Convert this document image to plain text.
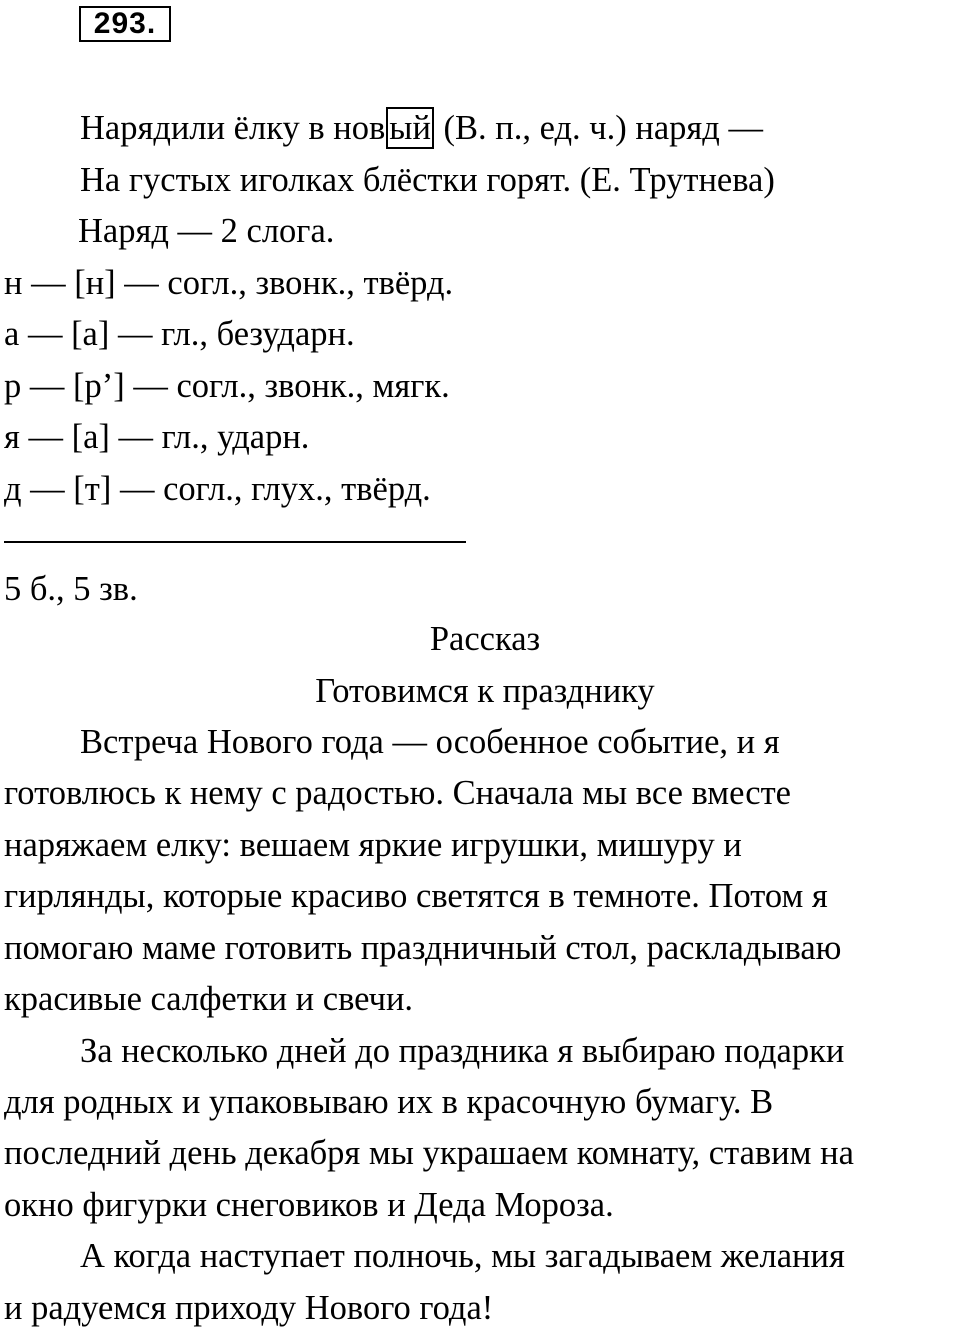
293.
Нарядили ёлку в нов ый (В. п., ед. ч.) наряд —
На густых иголках блёстки горят. (Е. Трутнева)
Наряд — 2 слога.
н — [н] — согл., звонк., твёрд.
а — [а] — гл., безударн.
р — [р’] — согл., звонк., мягк.
я — [а] — гл., ударн.
д — [т] — согл., глух., твёрд.
5 б., 5 зв.
Рассказ
Готовимся к празднику
Встреча Нового года — особенное событие, и я
готовлюсь к нему с радостью. Сначала мы все вместе
наряжаем елку: вешаем яркие игрушки, мишуру и
гирлянды, которые красиво светятся в темноте. Потом я
помогаю маме готовить праздничный стол, раскладываю
красивые салфетки и свечи.
За несколько дней до праздника я выбираю подарки
для родных и упаковываю их в красочную бумагу. В
последний день декабря мы украшаем комнату, ставим на
окно фигурки снеговиков и Деда Мороза.
А когда наступает полночь, мы загадываем желания
и радуемся приходу Нового года!
